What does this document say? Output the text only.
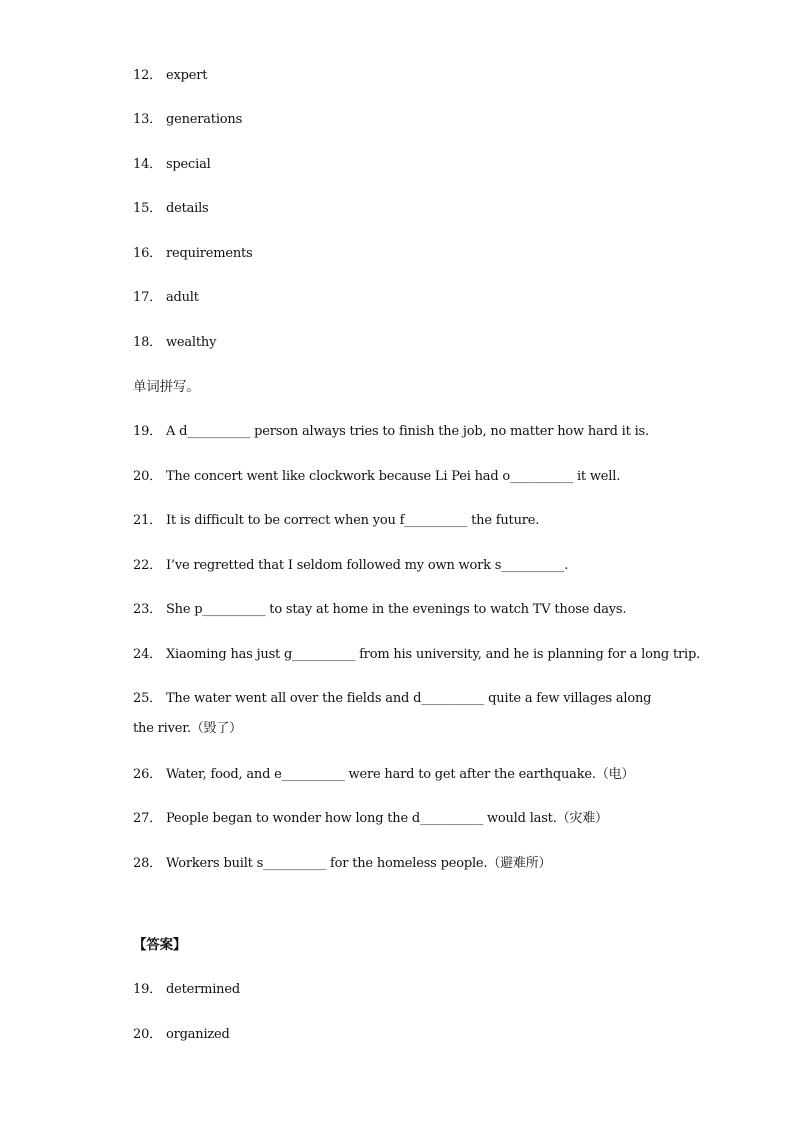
12． expert
13． generations
14． special
15． details
16． requirements
17． adult
18． wealthy
单词拼写。
19． A d__________ person always tries to finish the job, no matter how hard it is.
20． The concert went like clockwork because Li Pei had o__________ it well.
21． It is difficult to be correct when you f__________ the future.
22． I’ve regretted that I seldom followed my own work s__________.
23． She p__________ to stay at home in the evenings to watch TV those days.
24． Xiaoming has just g__________ from his university, and he is planning for a long trip.
25． The water went all over the fields and d__________ quite a few villages along the river.（毁了）
26． Water, food, and e__________ were hard to get after the earthquake.（电）
27． People began to wonder how long the d__________ would last.（灾难）
28． Workers built s__________ for the homeless people.（避难所）
【答案】
19． determined
20． organized
